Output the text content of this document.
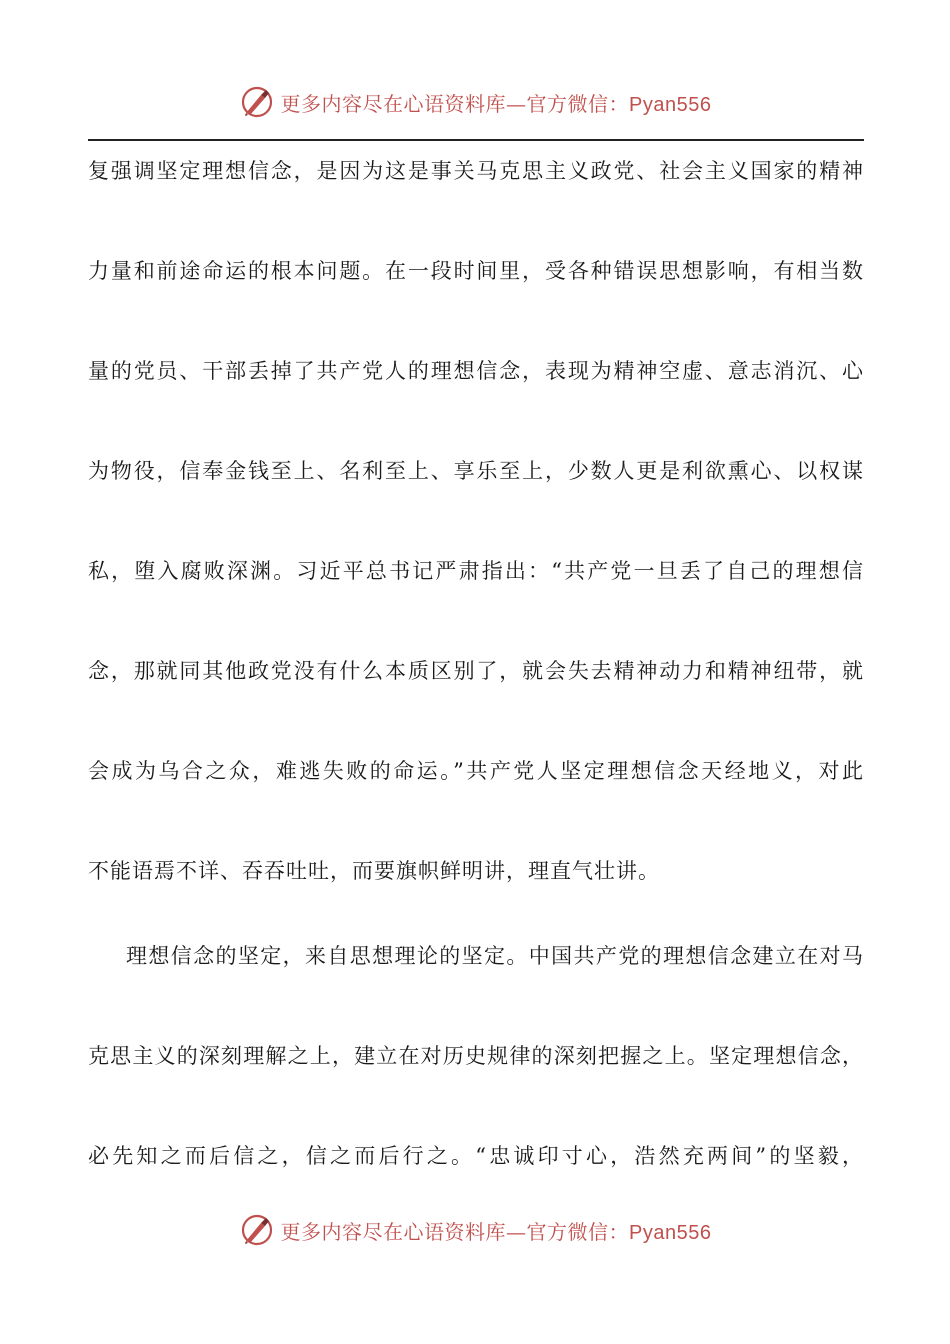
更多内容尽在心语资料库—官方微信：Pyan556
复强调坚定理想信念，是因为这是事关马克思主义政党、社会主义国家的精神
力量和前途命运的根本问题。在一段时间里，受各种错误思想影响，有相当数
量的党员、干部丢掉了共产党人的理想信念，表现为精神空虚、意志消沉、心
为物役，信奉金钱至上、名利至上、享乐至上，少数人更是利欲熏心、以权谋
私，堕入腐败深渊。习近平总书记严肃指出：“共产党一旦丢了自己的理想信
念，那就同其他政党没有什么本质区别了，就会失去精神动力和精神纽带，就
会成为乌合之众，难逃失败的命运。”共产党人坚定理想信念天经地义，对此
不能语焉不详、吞吞吐吐，而要旗帜鲜明讲，理直气壮讲。
理想信念的坚定，来自思想理论的坚定。中国共产党的理想信念建立在对马
克思主义的深刻理解之上，建立在对历史规律的深刻把握之上。坚定理想信念，
必先知之而后信之，信之而后行之。“忠诚印寸心，浩然充两间”的坚毅，
更多内容尽在心语资料库—官方微信：Pyan556
